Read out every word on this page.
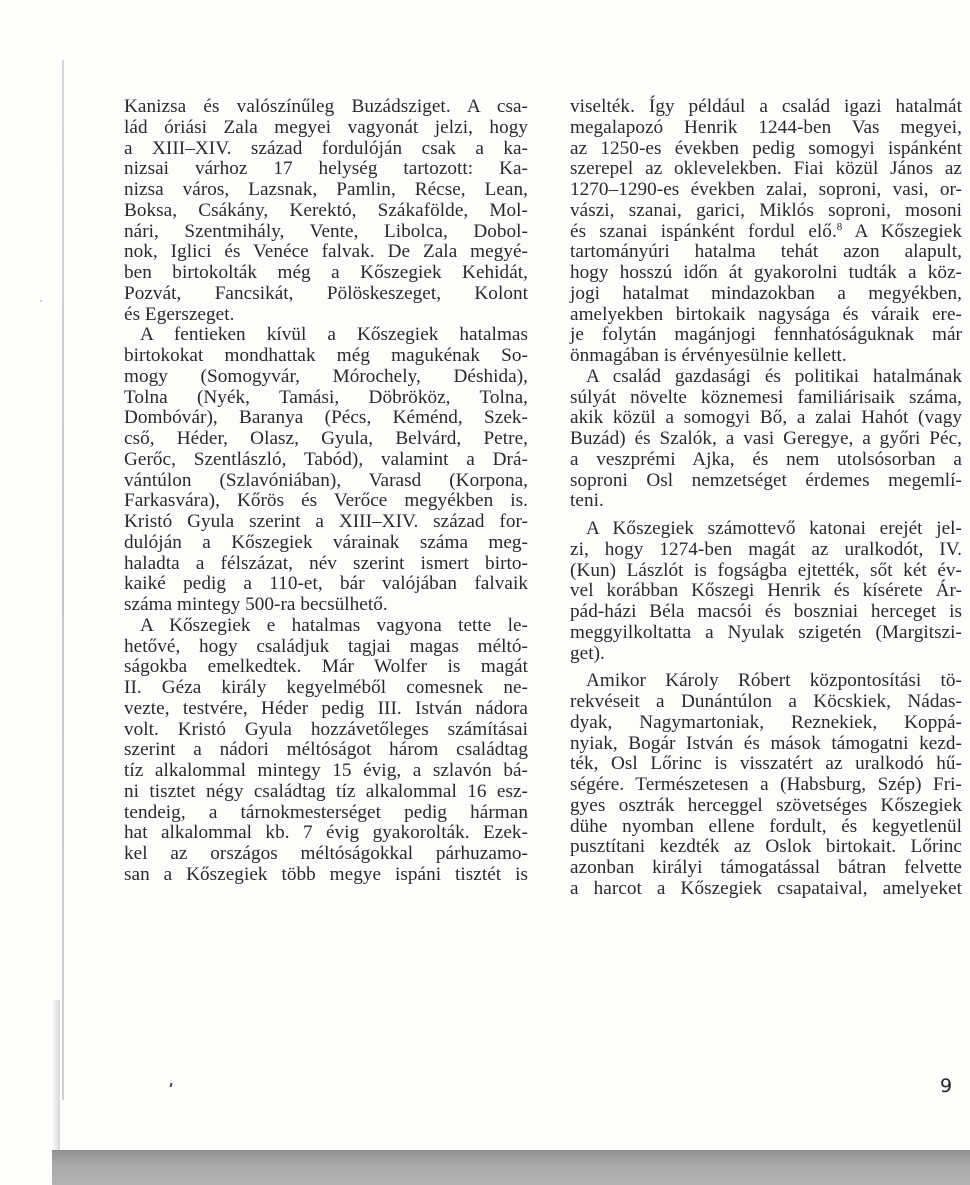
Kanizsa és valószínűleg Buzádsziget. A csa-
lád óriási Zala megyei vagyonát jelzi, hogy
a XIII–XIV. század fordulóján csak a ka-
nizsai várhoz 17 helység tartozott: Ka-
nizsa város, Lazsnak, Pamlin, Récse, Lean,
Boksa, Csákány, Kerektó, Szákafölde, Mol-
nári, Szentmihály, Vente, Libolca, Dobol-
nok, Iglici és Venéce falvak. De Zala megyé-
ben birtokolták még a Kőszegiek Kehidát,
Pozvát, Fancsikát, Pölöskeszeget, Kolont
és Egerszeget.
A fentieken kívül a Kőszegiek hatalmas
birtokokat mondhattak még magukénak So-
mogy (Somogyvár, Mórochely, Déshida),
Tolna (Nyék, Tamási, Döbrököz, Tolna,
Dombóvár), Baranya (Pécs, Kéménd, Szek-
cső, Héder, Olasz, Gyula, Belvárd, Petre,
Gerőc, Szentlászló, Tabód), valamint a Drá-
vántúlon (Szlavóniában), Varasd (Korpona,
Farkasvára), Kőrös és Verőce megyékben is.
Kristó Gyula szerint a XIII–XIV. század for-
dulóján a Kőszegiek várainak száma meg-
haladta a félszázat, név szerint ismert birto-
kaiké pedig a 110-et, bár valójában falvaik
száma mintegy 500-ra becsülhető.
A Kőszegiek e hatalmas vagyona tette le-
hetővé, hogy családjuk tagjai magas méltó-
ságokba emelkedtek. Már Wolfer is magát
II. Géza király kegyelméből comesnek ne-
vezte, testvére, Héder pedig III. István nádora
volt. Kristó Gyula hozzávetőleges számításai
szerint a nádori méltóságot három családtag
tíz alkalommal mintegy 15 évig, a szlavón bá-
ni tisztet négy családtag tíz alkalommal 16 esz-
tendeig, a tárnokmesterséget pedig hárman
hat alkalommal kb. 7 évig gyakorolták. Ezek-
kel az országos méltóságokkal párhuzamo-
san a Kőszegiek több megye ispáni tisztét is
viselték. Így például a család igazi hatalmát
megalapozó Henrik 1244-ben Vas megyei,
az 1250-es években pedig somogyi ispánként
szerepel az oklevelekben. Fiai közül János az
1270–1290-es években zalai, soproni, vasi, or-
vászi, szanai, garici, Miklós soproni, mosoni
és szanai ispánként fordul elő.$^8$ A Kőszegiek
tartományúri hatalma tehát azon alapult,
hogy hosszú időn át gyakorolni tudták a köz-
jogi hatalmat mindazokban a megyékben,
amelyekben birtokaik nagysága és váraik ere-
je folytán magánjogi fennhatóságuknak már
önmagában is érvényesülnie kellett.
A család gazdasági és politikai hatalmának
súlyát növelte köznemesi familiárisaik száma,
akik közül a somogyi Bő, a zalai Hahót (vagy
Buzád) és Szalók, a vasi Geregye, a győri Péc,
a veszprémi Ajka, és nem utolsósorban a
soproni Osl nemzetséget érdemes megemlí-
teni.
A Kőszegiek számottevő katonai erejét jel-
zi, hogy 1274-ben magát az uralkodót, IV.
(Kun) Lászlót is fogságba ejtették, sőt két év-
vel korábban Kőszegi Henrik és kísérete Ár-
pád-házi Béla macsói és boszniai herceget is
meggyilkoltatta a Nyulak szigetén (Margitszi-
get).
Amikor Károly Róbert központosítási tö-
rekvéseit a Dunántúlon a Köcskiek, Nádas-
dyak, Nagymartoniak, Reznekiek, Koppá-
nyiak, Bogár István és mások támogatni kezd-
ték, Osl Lőrinc is visszatért az uralkodó hű-
ségére. Természetesen a (Habsburg, Szép) Fri-
gyes osztrák herceggel szövetséges Kőszegiek
dühe nyomban ellene fordult, és kegyetlenül
pusztítani kezdték az Oslok birtokait. Lőrinc
azonban királyi támogatással bátran felvette
a harcot a Kőszegiek csapataival, amelyeket
9
